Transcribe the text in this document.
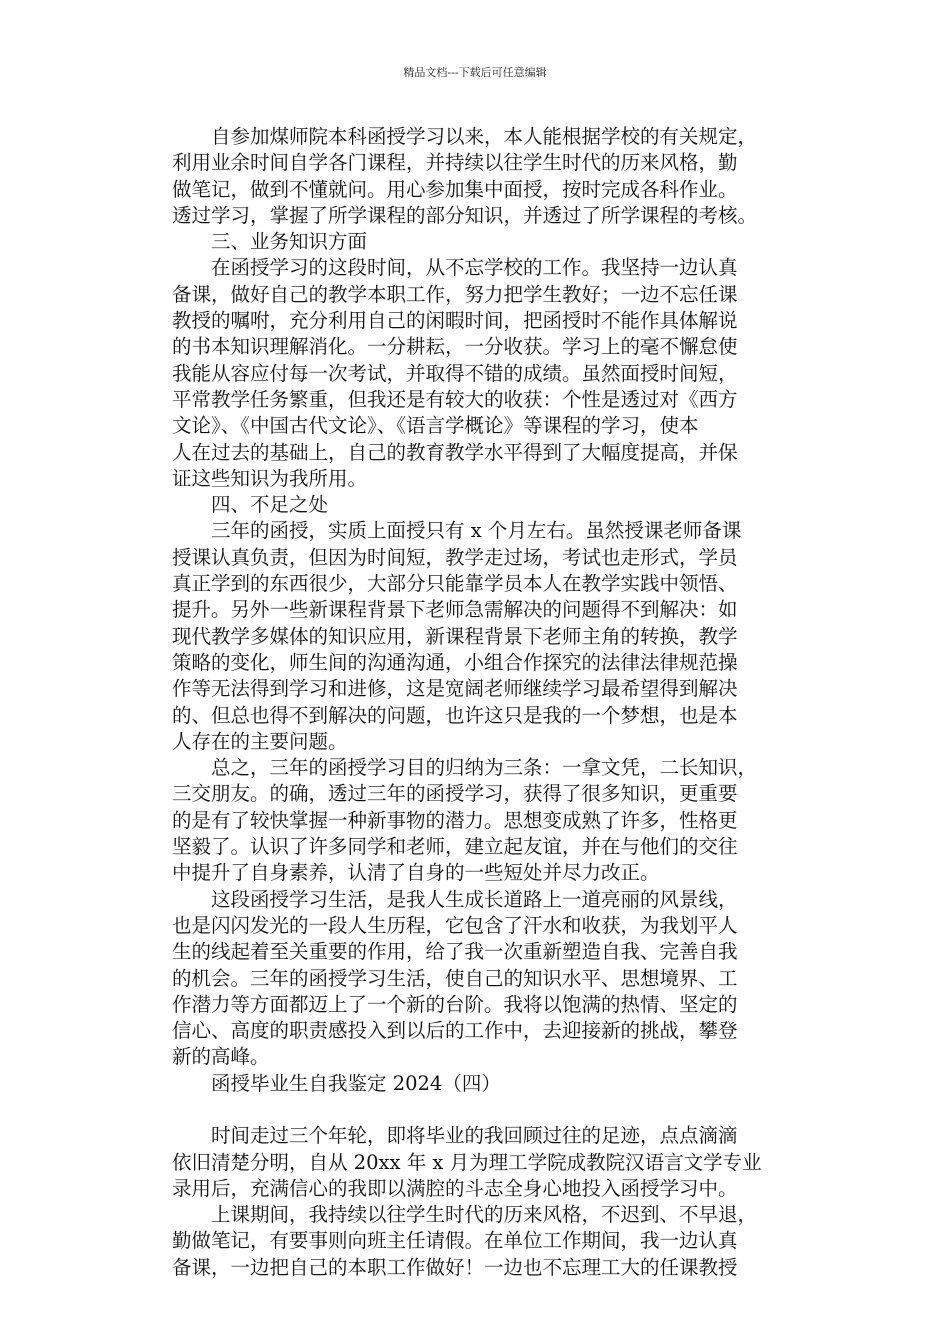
精品文档---下载后可任意编辑
　　自参加煤师院本科函授学习以来，本人能根据学校的有关规定，
利用业余时间自学各门课程，并持续以往学生时代的历来风格，勤
做笔记，做到不懂就问。用心参加集中面授，按时完成各科作业。
透过学习，掌握了所学课程的部分知识，并透过了所学课程的考核。
　　三、业务知识方面
　　在函授学习的这段时间，从不忘学校的工作。我坚持一边认真
备课，做好自己的教学本职工作，努力把学生教好；一边不忘任课
教授的嘱咐，充分利用自己的闲暇时间，把函授时不能作具体解说
的书本知识理解消化。一分耕耘，一分收获。学习上的毫不懈怠使
我能从容应付每一次考试，并取得不错的成绩。虽然面授时间短，
平常教学任务繁重，但我还是有较大的收获：个性是透过对《西方
文论》、《中国古代文论》、《语言学概论》等课程的学习，使本
人在过去的基础上，自己的教育教学水平得到了大幅度提高，并保
证这些知识为我所用。
　　四、不足之处
　　三年的函授，实质上面授只有 x 个月左右。虽然授课老师备课
授课认真负责，但因为时间短，教学走过场，考试也走形式，学员
真正学到的东西很少，大部分只能靠学员本人在教学实践中领悟、
提升。另外一些新课程背景下老师急需解决的问题得不到解决：如
现代教学多媒体的知识应用，新课程背景下老师主角的转换，教学
策略的变化，师生间的沟通沟通，小组合作探究的法律法律规范操
作等无法得到学习和进修，这是宽阔老师继续学习最希望得到解决
的、但总也得不到解决的问题，也许这只是我的一个梦想，也是本
人存在的主要问题。
　　总之，三年的函授学习目的归纳为三条：一拿文凭，二长知识，
三交朋友。的确，透过三年的函授学习，获得了很多知识，更重要
的是有了较快掌握一种新事物的潜力。思想变成熟了许多，性格更
坚毅了。认识了许多同学和老师，建立起友谊，并在与他们的交往
中提升了自身素养，认清了自身的一些短处并尽力改正。
　　这段函授学习生活，是我人生成长道路上一道亮丽的风景线，
也是闪闪发光的一段人生历程，它包含了汗水和收获，为我划平人
生的线起着至关重要的作用，给了我一次重新塑造自我、完善自我
的机会。三年的函授学习生活，使自己的知识水平、思想境界、工
作潜力等方面都迈上了一个新的台阶。我将以饱满的热情、坚定的
信心、高度的职责感投入到以后的工作中，去迎接新的挑战，攀登
新的高峰。
　　函授毕业生自我鉴定 2024（四）
　　时间走过三个年轮，即将毕业的我回顾过往的足迹，点点滴滴
依旧清楚分明，自从 20xx 年 x 月为理工学院成教院汉语言文学专业
录用后，充满信心的我即以满腔的斗志全身心地投入函授学习中。
　　上课期间，我持续以往学生时代的历来风格，不迟到、不早退，
勤做笔记，有要事则向班主任请假。在单位工作期间，我一边认真
备课，一边把自己的本职工作做好！一边也不忘理工大的任课教授
